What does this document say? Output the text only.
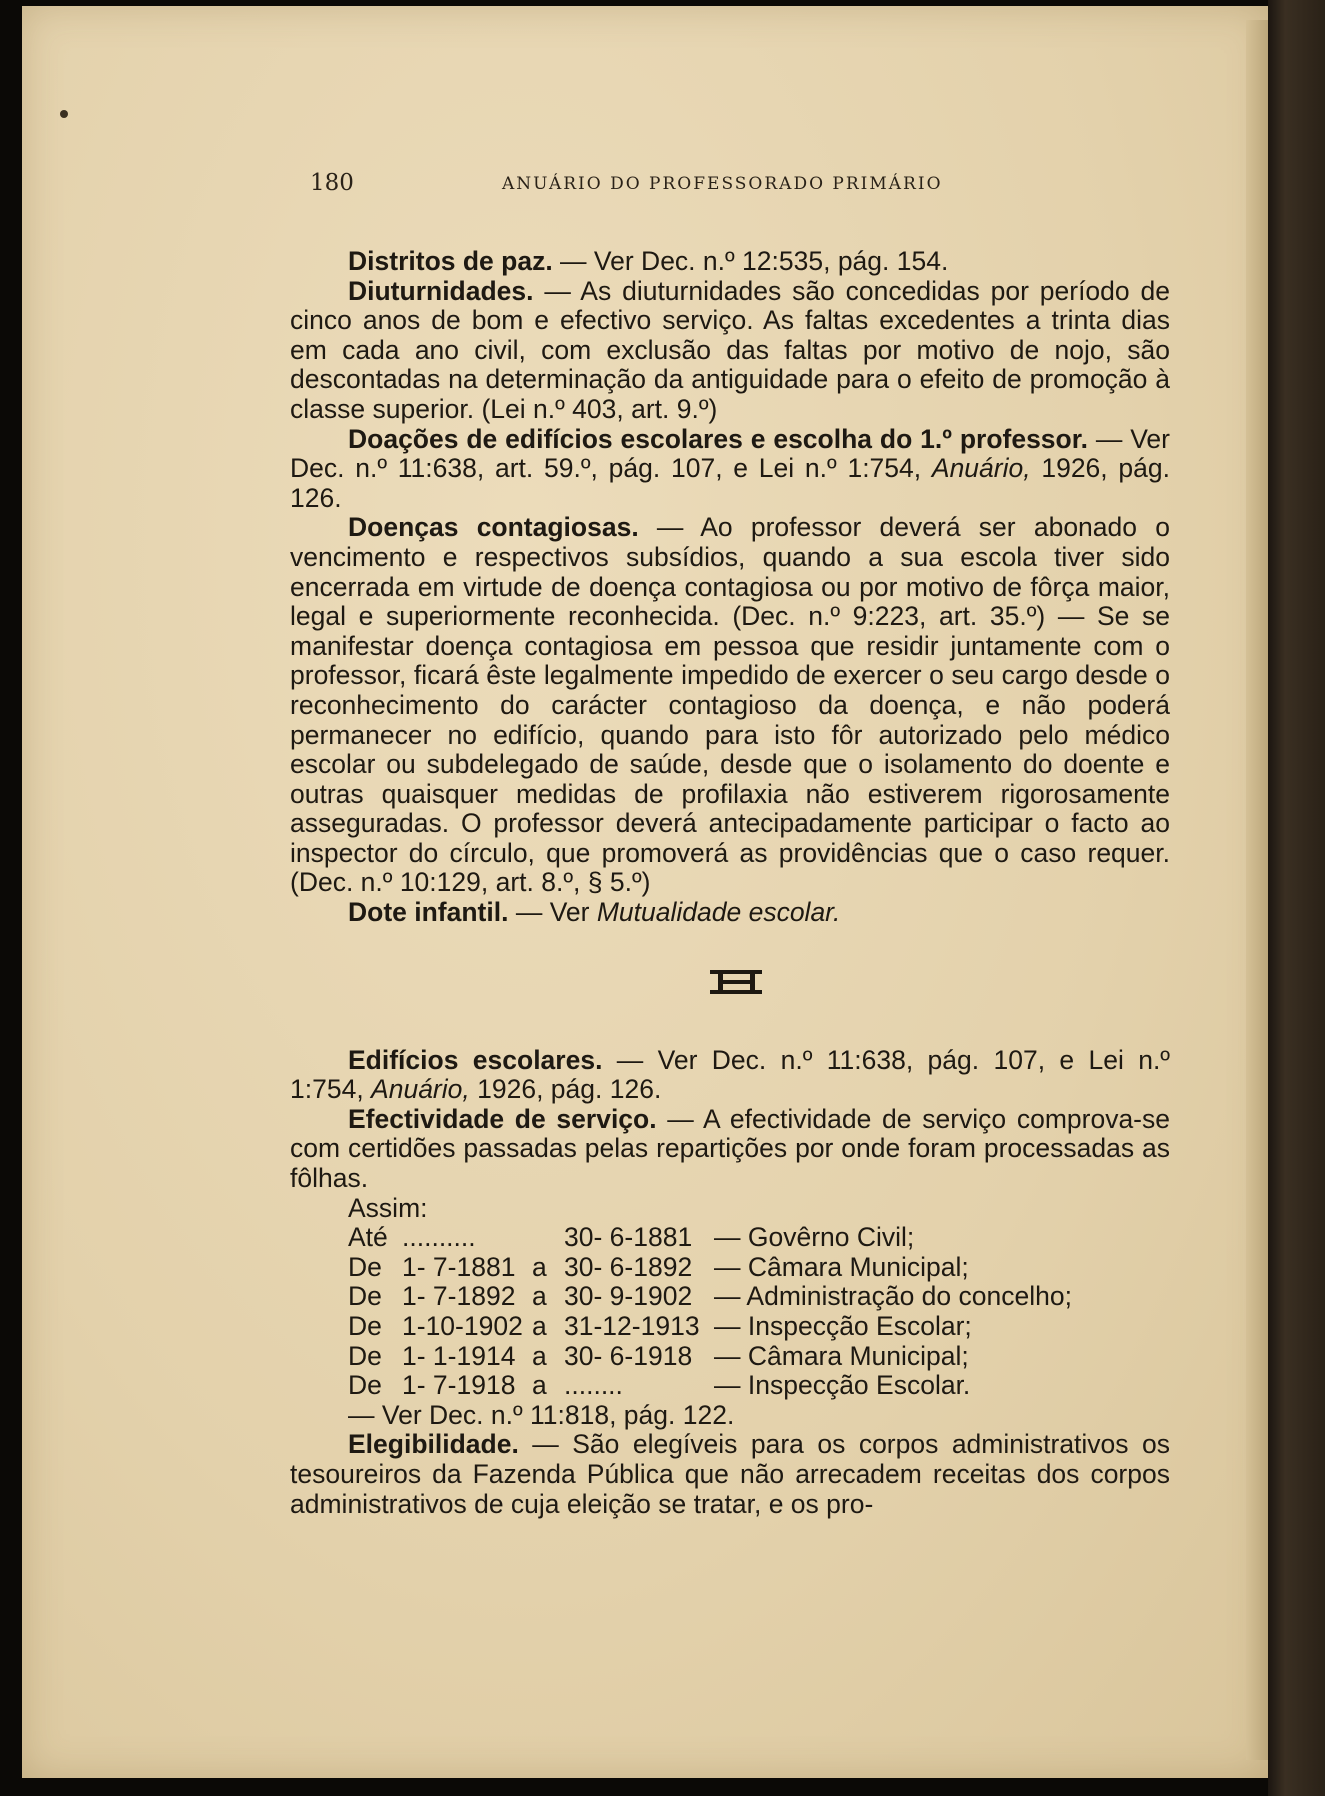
180	ANUÁRIO DO PROFESSORADO PRIMÁRIO

Distritos de paz. — Ver Dec. n.º 12:535, pág. 154.

Diuturnidades. — As diuturnidades são concedidas por período de cinco anos de bom e efectivo serviço. As faltas excedentes a trinta dias em cada ano civil, com exclusão das faltas por motivo de nojo, são descontadas na determinação da antiguidade para o efeito de promoção à classe superior. (Lei n.º 403, art. 9.º)

Doações de edifícios escolares e escolha do 1.º professor. — Ver Dec. n.º 11:638, art. 59.º, pág. 107, e Lei n.º 1:754, Anuário, 1926, pág. 126.

Doenças contagiosas. — Ao professor deverá ser abonado o vencimento e respectivos subsídios, quando a sua escola tiver sido encerrada em virtude de doença contagiosa ou por motivo de fôrça maior, legal e superiormente reconhecida. (Dec. n.º 9:223, art. 35.º) — Se se manifestar doença contagiosa em pessoa que residir juntamente com o professor, ficará êste legalmente impedido de exercer o seu cargo desde o reconhecimento do carácter contagioso da doença, e não poderá permanecer no edifício, quando para isto fôr autorizado pelo médico escolar ou subdelegado de saúde, desde que o isolamento do doente e outras quaisquer medidas de profilaxia não estiverem rigorosamente asseguradas. O professor deverá antecipadamente participar o facto ao inspector do círculo, que promoverá as providências que o caso requer. (Dec. n.º 10:129, art. 8.º, § 5.º)

Dote infantil. — Ver Mutualidade escolar.

Edifícios escolares. — Ver Dec. n.º 11:638, pág. 107, e Lei n.º 1:754, Anuário, 1926, pág. 126.

Efectividade de serviço. — A efectividade de serviço comprova-se com certidões passadas pelas repartições por onde foram processadas as fôlhas.

Assim:

Até ..........	30- 6-1881 — Govêrno Civil;

De 1- 7-1881 a 30- 6-1892 — Câmara Municipal;

De 1- 7-1892 a 30- 9-1902 — Administração do concelho;

De 1-10-1902 a 31-12-1913 — Inspecção Escolar;

De 1- 1-1914 a 30- 6-1918 — Câmara Municipal;

De 1- 7-1918 a ........	— Inspecção Escolar.

— Ver Dec. n.º 11:818, pág. 122.

Elegibilidade. — São elegíveis para os corpos administrativos os tesoureiros da Fazenda Pública que não arrecadem receitas dos corpos administrativos de cuja eleição se tratar, e os pro-
